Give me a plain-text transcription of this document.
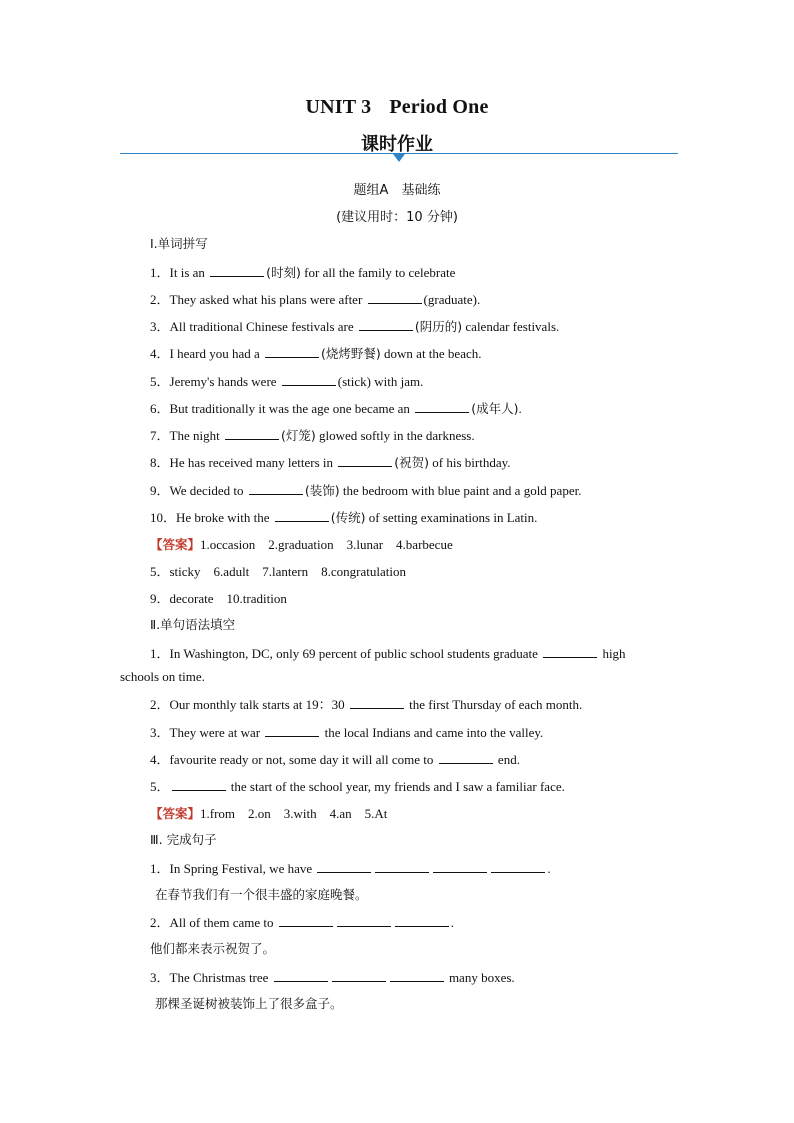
UNIT 3 Period One
课时作业
题组A　基础练
(建议用时：10 分钟)
Ⅰ.单词拼写
1．It is an	(时刻) for all the family to celebrate
2．They asked what his plans were after	(graduate).
3．All traditional Chinese festivals are	(阴历的) calendar festivals.
4．I heard you had a	(烧烤野餐) down at the beach.
5．Jeremy's hands were	(stick) with jam.
6．But traditionally it was the age one became an	(成年人).
7．The night	(灯笼) glowed softly in the darkness.
8．He has received many letters in	(祝贺) of his birthday.
9．We decided to	(装饰) the bedroom with blue paint and a gold paper.
10．He broke with the	(传统) of setting examinations in Latin.
【答案】1.occasion　2.graduation　3.lunar　4.barbecue
5．sticky　6.adult　7.lantern　8.congratulation
9．decorate　10.tradition
Ⅱ.单句语法填空
1．In Washington, DC, only 69 percent of public school students graduate	high
schools on time.
2．Our monthly talk starts at 19：30	the first Thursday of each month.
3．They were at war	the local Indians and came into the valley.
4．favourite ready or not, some day it will all come to	end.
5．	the start of the school year, my friends and I saw a familiar face.
【答案】1.from　2.on　3.with　4.an　5.At
Ⅲ. 完成句子
1．In Spring Festival, we have	.
在春节我们有一个很丰盛的家庭晚餐。
2．All of them came to	.
他们都来表示祝贺了。
3．The Christmas tree	many boxes.
那棵圣诞树被装饰上了很多盒子。
